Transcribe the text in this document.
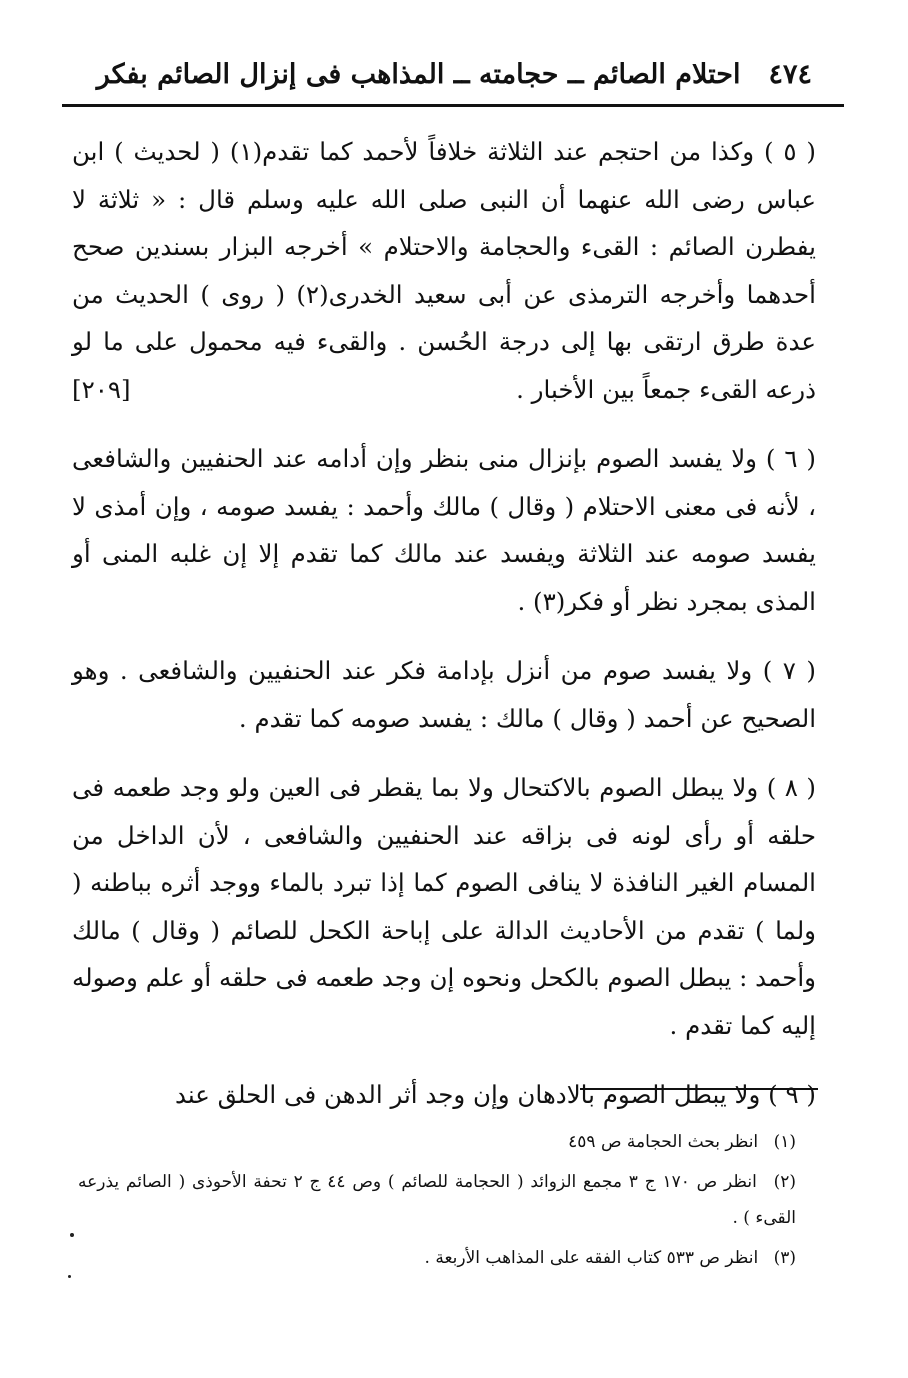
٤٧٤
احتلام الصائم ــ حجامته ــ المذاهب فى إنزال الصائم بفكر

( ٥ ) وكذا من احتجم عند الثلاثة خلافاً لأحمد كما تقدم(١) ( لحديث ) ابن عباس رضى الله عنهما أن النبى صلى الله عليه وسلم قال : « ثلاثة لا يفطرن الصائم : القىء والحجامة والاحتلام » أخرجه البزار بسندين صحح أحدهما وأخرجه الترمذى عن أبى سعيد الخدرى(٢) ( روى ) الحديث من عدة طرق ارتقى بها إلى درجة الحُسن . والقىء فيه محمول على ما لو ذرعه القىء جمعاً بين الأخبار .
[٢٠٩]

( ٦ ) ولا يفسد الصوم بإنزال منى بنظر وإن أدامه عند الحنفيين والشافعى ، لأنه فى معنى الاحتلام ( وقال ) مالك وأحمد : يفسد صومه ، وإن أمذى لا يفسد صومه عند الثلاثة ويفسد عند مالك كما تقدم إلا إن غلبه المنى أو المذى بمجرد نظر أو فكر(٣) .

( ٧ ) ولا يفسد صوم من أنزل بإدامة فكر عند الحنفيين والشافعى . وهو الصحيح عن أحمد ( وقال ) مالك : يفسد صومه كما تقدم .

( ٨ ) ولا يبطل الصوم بالاكتحال ولا بما يقطر فى العين ولو وجد طعمه فى حلقه أو رأى لونه فى بزاقه عند الحنفيين والشافعى ، لأن الداخل من المسام الغير النافذة لا ينافى الصوم كما إذا تبرد بالماء ووجد أثره بباطنه ( ولما ) تقدم من الأحاديث الدالة على إباحة الكحل للصائم ( وقال ) مالك وأحمد : يبطل الصوم بالكحل ونحوه إن وجد طعمه فى حلقه أو علم وصوله إليه كما تقدم .

( ٩ ) ولا يبطل الصوم بالادهان وإن وجد أثر الدهن فى الحلق عند

(١) انظر بحث الحجامة ص ٤٥٩

(٢) انظر ص ١٧٠ ج ٣ مجمع الزوائد ( الحجامة للصائم ) وص ٤٤ ج ٢ تحفة الأحوذى ( الصائم يذرعه القىء ) .

(٣) انظر ص ٥٣٣ كتاب الفقه على المذاهب الأربعة .
